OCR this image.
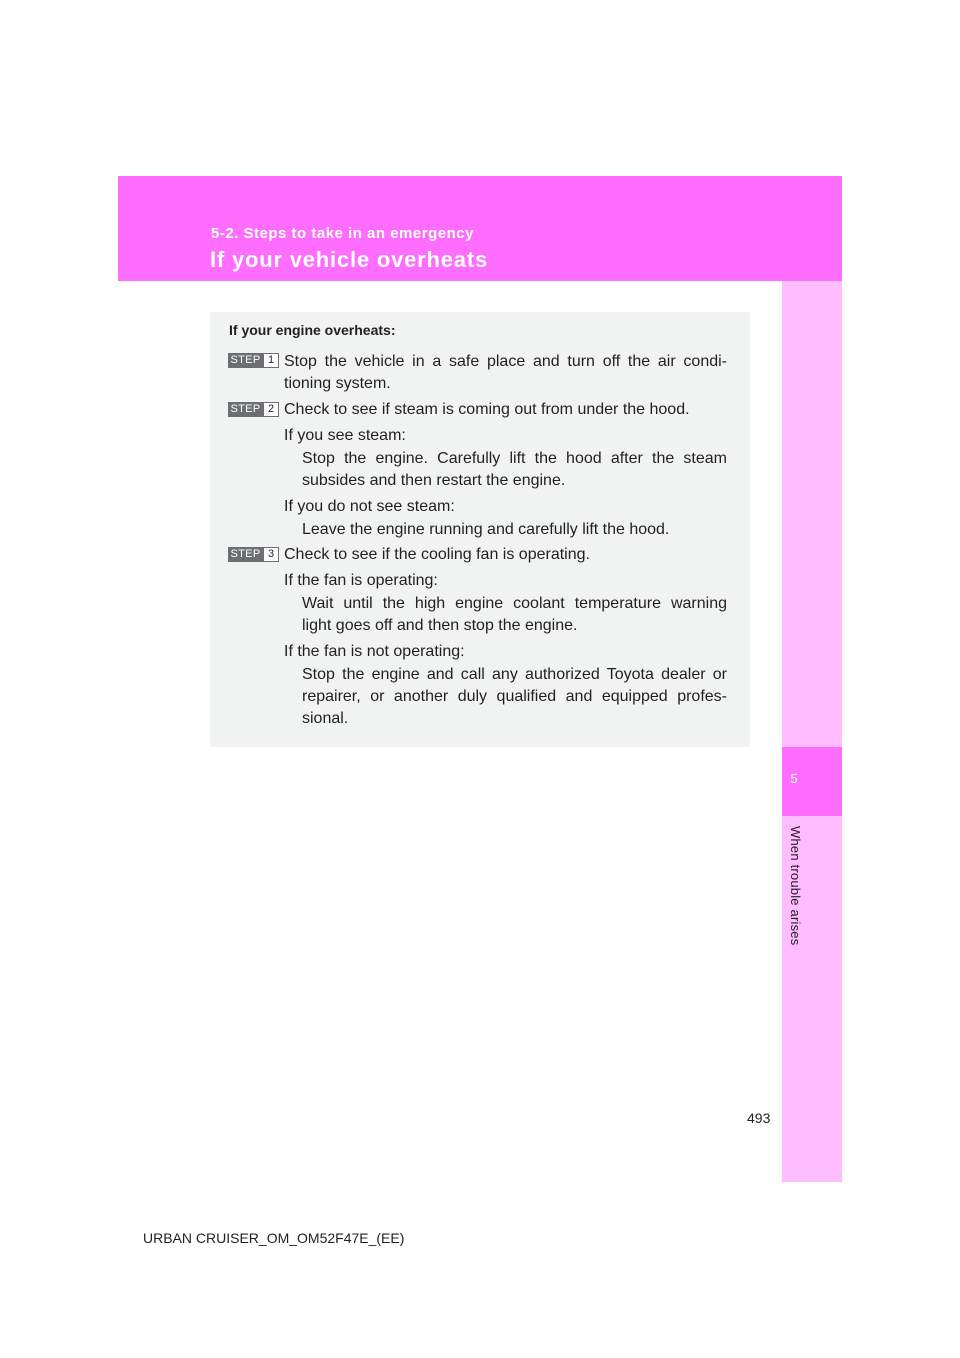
5-2. Steps to take in an emergency
If your vehicle overheats
5
When trouble arises
If your engine overheats:
STEP 1 Stop the vehicle in a safe place and turn off the air condi-
tioning system.
STEP 2 Check to see if steam is coming out from under the hood.
If you see steam:
Stop the engine. Carefully lift the hood after the steam
subsides and then restart the engine.
If you do not see steam:
Leave the engine running and carefully lift the hood.
STEP 3 Check to see if the cooling fan is operating.
If the fan is operating:
Wait until the high engine coolant temperature warning
light goes off and then stop the engine.
If the fan is not operating:
Stop the engine and call any authorized Toyota dealer or
repairer, or another duly qualified and equipped profes-
sional.
493
URBAN CRUISER_OM_OM52F47E_(EE)
